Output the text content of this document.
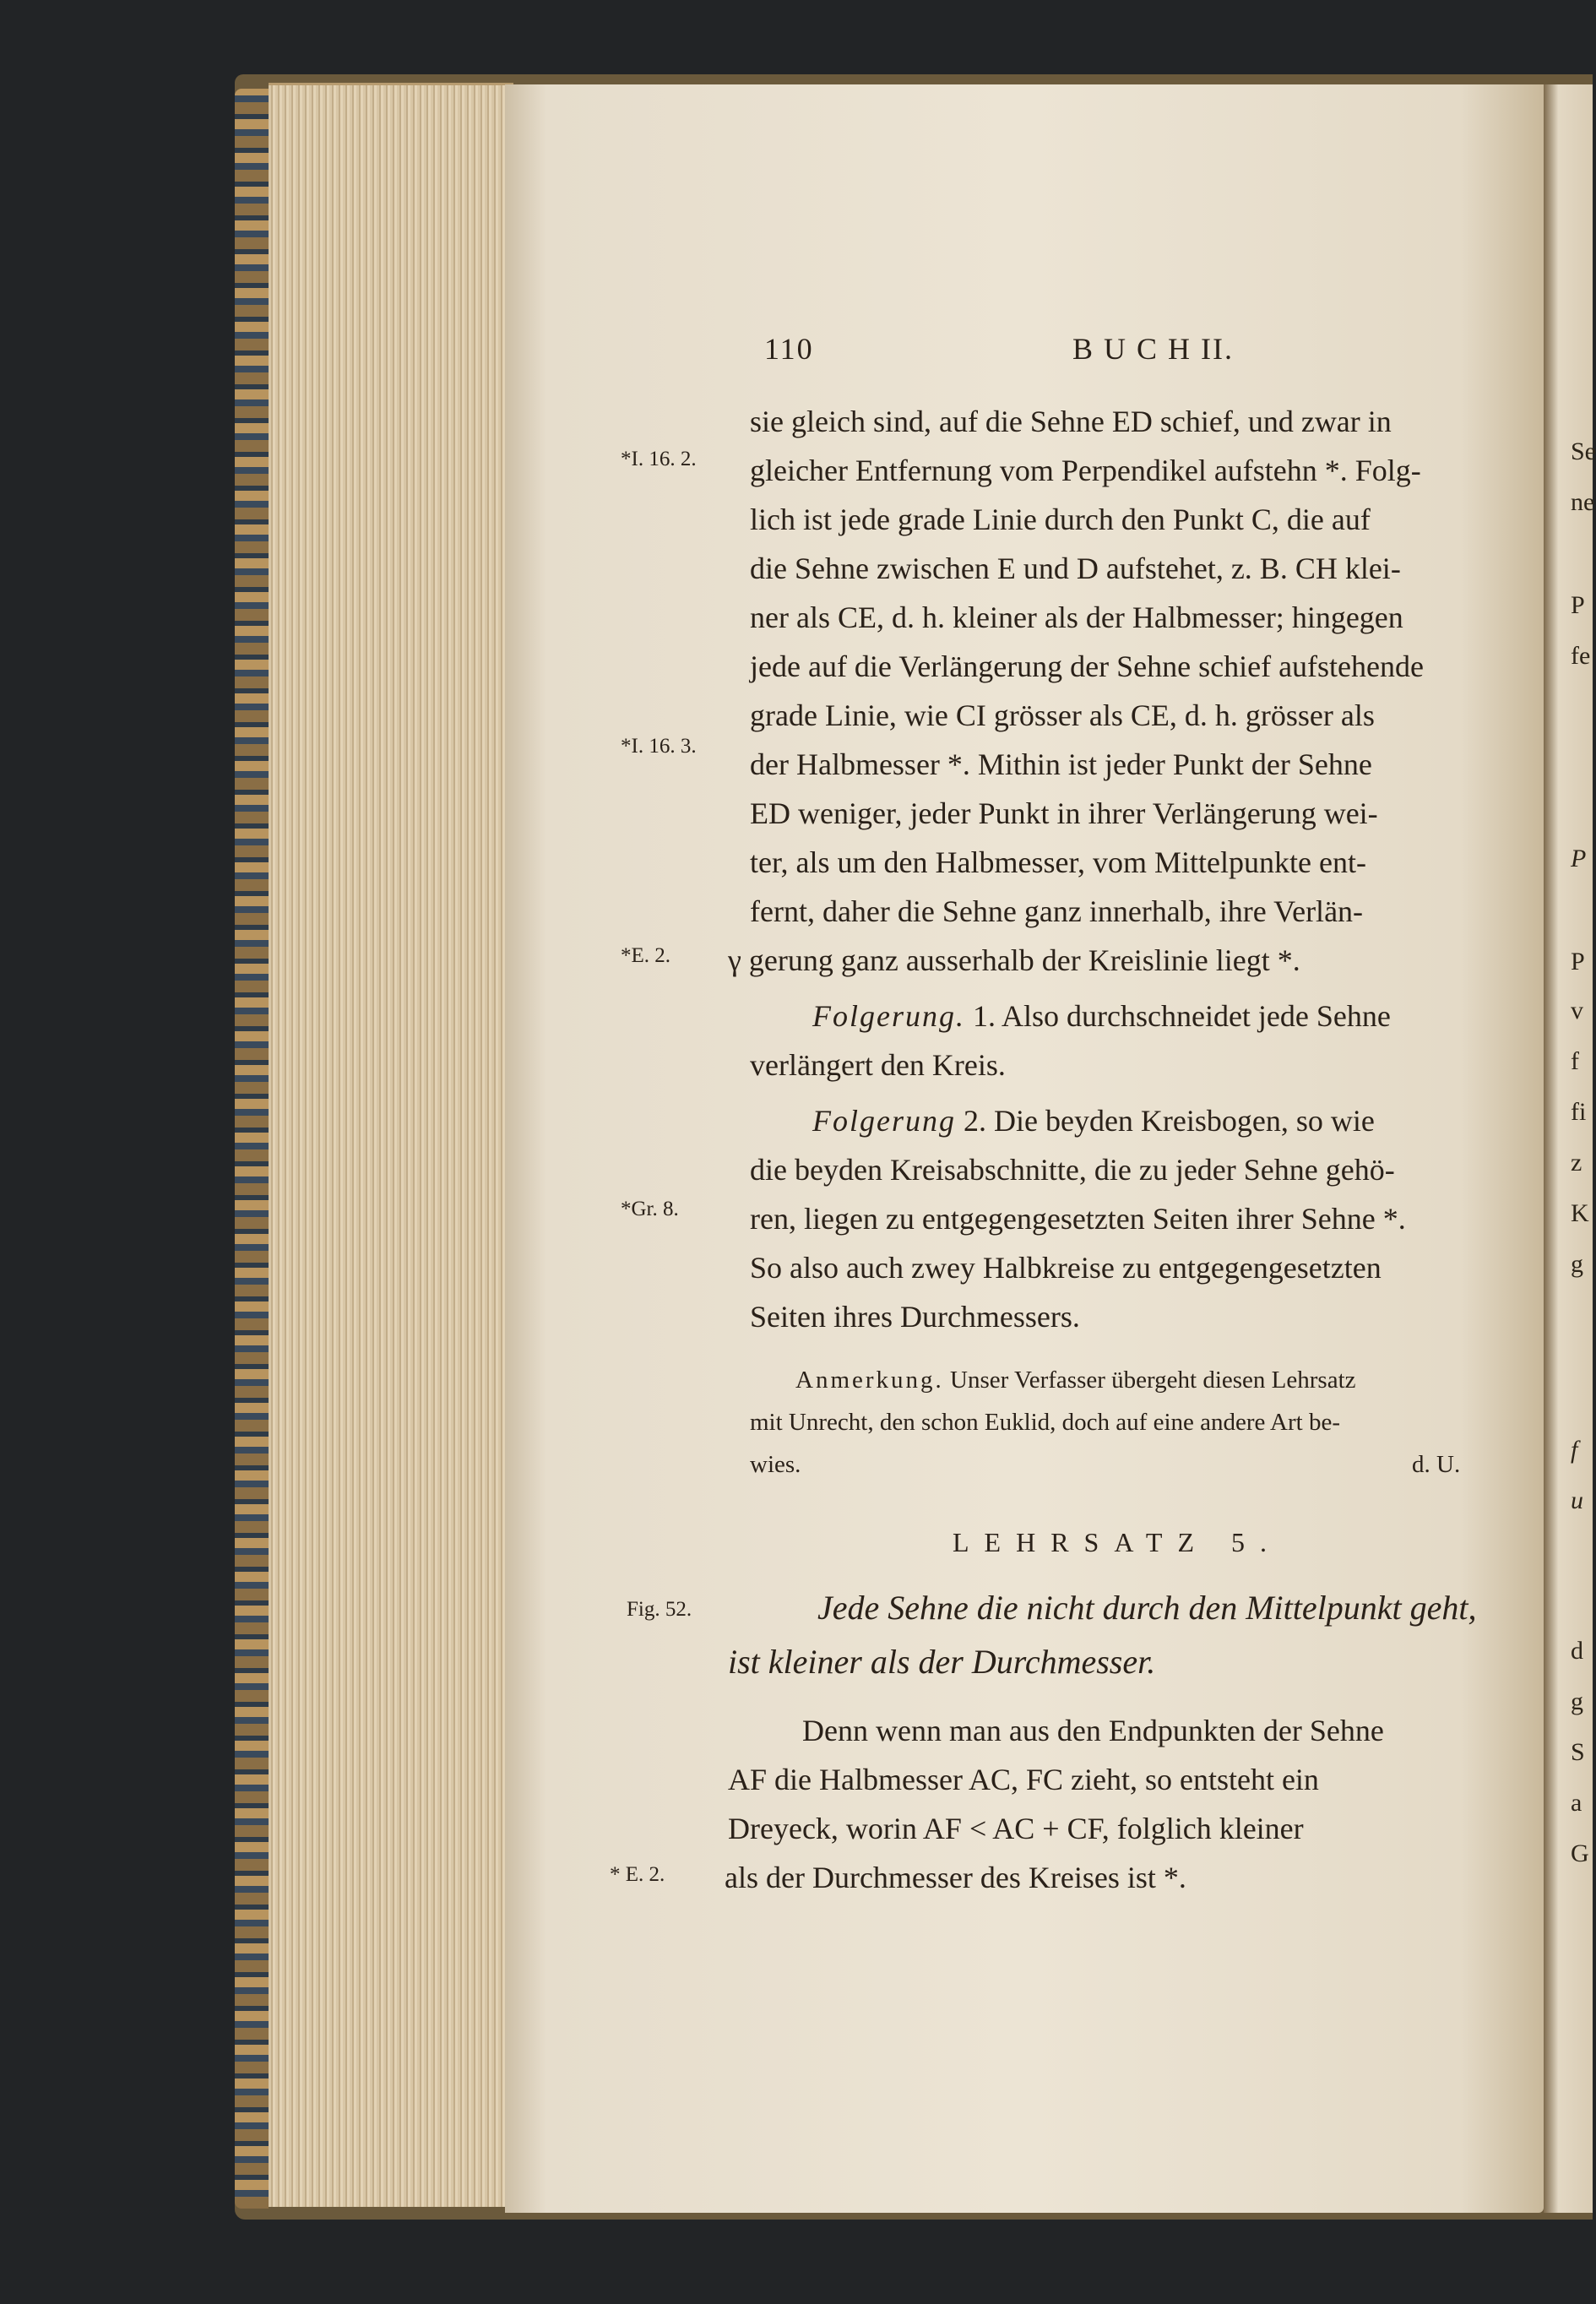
Se
ne
P
fe
P
P
v
f
fi
z
K
g
f
u
d
g
S
a
G
110	B U C H II.
*I. 16. 2.
*I. 16. 3.
*E. 2.
*Gr. 8.
Fig. 52.
* E. 2.
sie gleich sind, auf die Sehne ED schief, und zwar in
gleicher Entfernung vom Perpendikel aufstehn *. Folg-
lich ist jede grade Linie durch den Punkt C, die auf
die Sehne zwischen E und D aufstehet, z. B. CH klei-
ner als CE, d. h. kleiner als der Halbmesser; hingegen
jede auf die Verlängerung der Sehne schief aufstehende
grade Linie, wie CI grösser als CE, d. h. grösser als
der Halbmesser *. Mithin ist jeder Punkt der Sehne
ED weniger, jeder Punkt in ihrer Verlängerung wei-
ter, als um den Halbmesser, vom Mittelpunkte ent-
fernt, daher die Sehne ganz innerhalb, ihre Verlän-
γ gerung ganz ausserhalb der Kreislinie liegt *.
Folgerung. 1. Also durchschneidet jede Sehne
verlängert den Kreis.
Folgerung 2. Die beyden Kreisbogen, so wie
die beyden Kreisabschnitte, die zu jeder Sehne gehö-
ren, liegen zu entgegengesetzten Seiten ihrer Sehne *.
So also auch zwey Halbkreise zu entgegengesetzten
Seiten ihres Durchmessers.
Anmerkung. Unser Verfasser übergeht diesen Lehrsatz
mit Unrecht, den schon Euklid, doch auf eine andere Art be-
wies.	d. U.
LEHRSATZ 5.
Jede Sehne die nicht durch den Mittelpunkt geht,
ist kleiner als der Durchmesser.
Denn wenn man aus den Endpunkten der Sehne
AF die Halbmesser AC, FC zieht, so entsteht ein
Dreyeck, worin AF < AC + CF, folglich kleiner
als der Durchmesser des Kreises ist *.
